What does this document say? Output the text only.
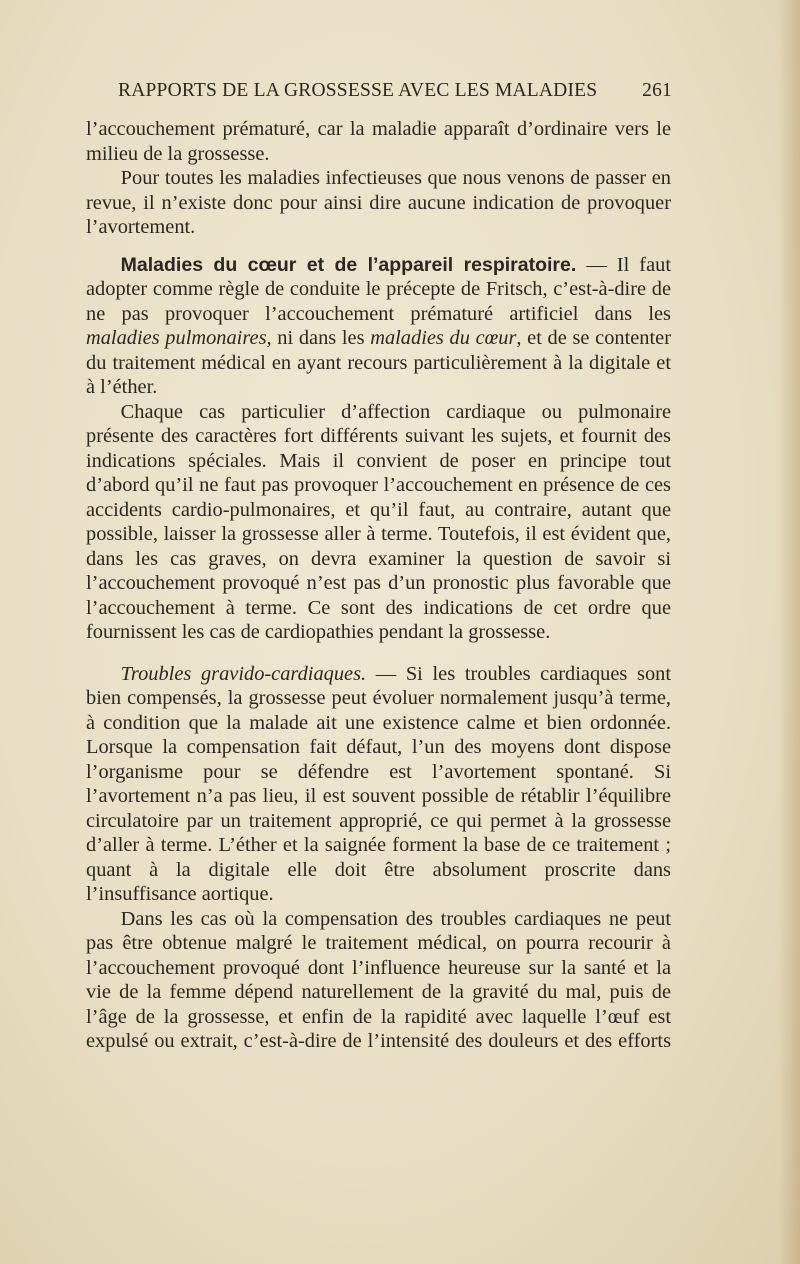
RAPPORTS DE LA GROSSESSE AVEC LES MALADIES 261

l’accouchement prématuré, car la maladie apparaît d’ordinaire vers le milieu de la grossesse.

Pour toutes les maladies infectieuses que nous venons de passer en revue, il n’existe donc pour ainsi dire aucune indication de provoquer l’avortement.

Maladies du cœur et de l’appareil respiratoire. — Il faut adopter comme règle de conduite le précepte de Fritsch, c’est-à-dire de ne pas provoquer l’accouchement prématuré artificiel dans les maladies pulmonaires, ni dans les maladies du cœur, et de se contenter du traitement médical en ayant recours particulièrement à la digitale et à l’éther.

Chaque cas particulier d’affection cardiaque ou pulmonaire présente des caractères fort différents suivant les sujets, et fournit des indications spéciales. Mais il convient de poser en principe tout d’abord qu’il ne faut pas provoquer l’accouchement en présence de ces accidents cardio-pulmonaires, et qu’il faut, au contraire, autant que possible, laisser la grossesse aller à terme. Toutefois, il est évident que, dans les cas graves, on devra examiner la question de savoir si l’accouchement provoqué n’est pas d’un pronostic plus favorable que l’accouchement à terme. Ce sont des indications de cet ordre que fournissent les cas de cardiopathies pendant la grossesse.

Troubles gravido-cardiaques. — Si les troubles cardiaques sont bien compensés, la grossesse peut évoluer normalement jusqu’à terme, à condition que la malade ait une existence calme et bien ordonnée. Lorsque la compensation fait défaut, l’un des moyens dont dispose l’organisme pour se défendre est l’avortement spontané. Si l’avortement n’a pas lieu, il est souvent possible de rétablir l’équilibre circulatoire par un traitement approprié, ce qui permet à la grossesse d’aller à terme. L’éther et la saignée forment la base de ce traitement ; quant à la digitale elle doit être absolument proscrite dans l’insuffisance aortique.

Dans les cas où la compensation des troubles cardiaques ne peut pas être obtenue malgré le traitement médical, on pourra recourir à l’accouchement provoqué dont l’influence heureuse sur la santé et la vie de la femme dépend naturellement de la gravité du mal, puis de l’âge de la grossesse, et enfin de la rapidité avec laquelle l’œuf est expulsé ou extrait, c’est-à-dire de l’intensité des douleurs et des efforts
